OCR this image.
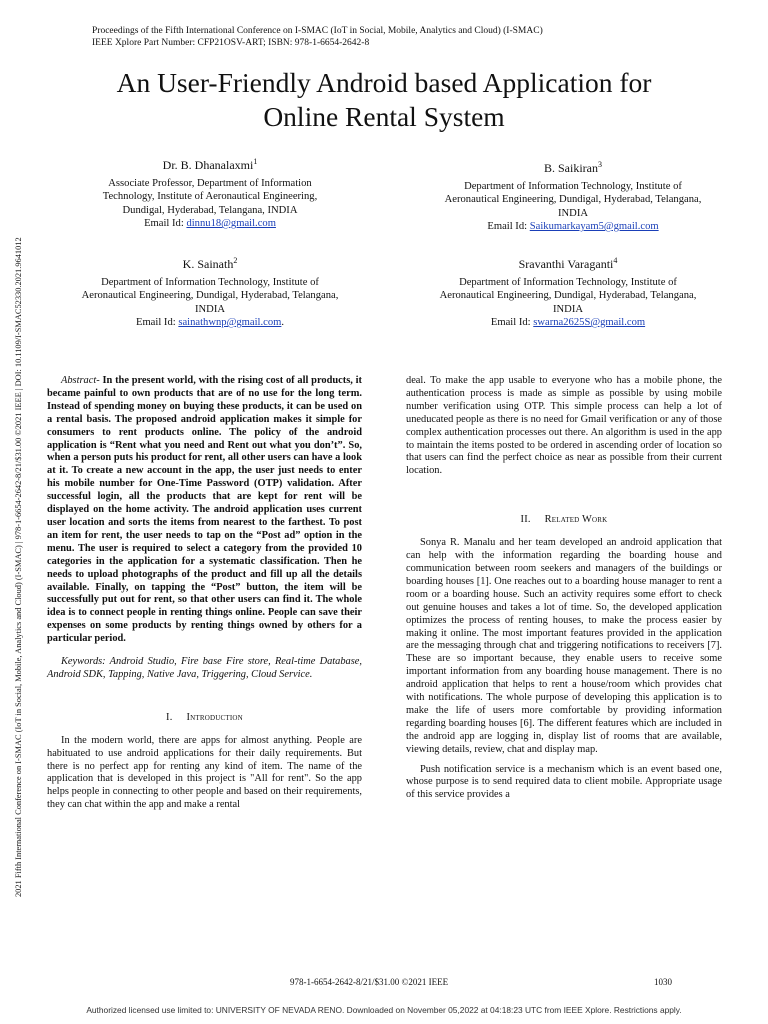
Proceedings of the Fifth International Conference on I-SMAC (IoT in Social, Mobile, Analytics and Cloud) (I-SMAC)
IEEE Xplore Part Number: CFP21OSV-ART; ISBN: 978-1-6654-2642-8
2021 Fifth International Conference on I-SMAC (IoT in Social, Mobile, Analytics and Cloud) (I-SMAC) | 978-1-6654-2642-8/21/$31.00 ©2021 IEEE | DOI: 10.1109/I-SMAC52330.2021.9641012
An User-Friendly Android based Application for
Online Rental System
Dr. B. Dhanalaxmi$^1$
Associate Professor, Department of Information
Technology, Institute of Aeronautical Engineering,
Dundigal, Hyderabad, Telangana, INDIA
Email Id: dinnu18@gmail.com
B. Saikiran$^3$
Department of Information Technology, Institute of
Aeronautical Engineering, Dundigal, Hyderabad, Telangana,
INDIA
Email Id: Saikumarkayam5@gmail.com
K. Sainath$^2$
Department of Information Technology, Institute of
Aeronautical Engineering, Dundigal, Hyderabad, Telangana,
INDIA
Email Id: sainathwnp@gmail.com.
Sravanthi Varaganti$^4$
Department of Information Technology, Institute of
Aeronautical Engineering, Dundigal, Hyderabad, Telangana,
INDIA
Email Id: swarna2625S@gmail.com

Abstract- In the present world, with the rising cost of all products, it became painful to own products that are of no use for the long term. Instead of spending money on buying these products, it can be used on a rental basis. The proposed android application makes it simple for consumers to rent products online. The policy of the android application is “Rent what you need and Rent out what you don’t”. So, when a person puts his product for rent, all other users can have a look at it. To create a new account in the app, the user just needs to enter his mobile number for One-Time Password (OTP) validation. After successful login, all the products that are kept for rent will be displayed on the home activity. The android application uses current user location and sorts the items from nearest to the farthest. To post an item for rent, the user needs to tap on the “Post ad” option in the menu. The user is required to select a category from the provided 10 categories in the application for a systematic classification. Then he needs to upload photographs of the product and fill up all the details available. Finally, on tapping the “Post” button, the item will be successfully put out for rent, so that other users can find it. The whole idea is to connect people in renting things online. People can save their expenses on some products by renting things owned by others for a particular period.

Keywords: Android Studio, Fire base Fire store, Real-time Database, Android SDK, Tapping, Native Java, Triggering, Cloud Service.

I. Introduction

In the modern world, there are apps for almost anything. People are habituated to use android applications for their daily requirements. But there is no perfect app for renting any kind of item. The name of the application that is developed in this project is "All for rent". So the app helps people in connecting to other people and based on their requirements, they can chat within the app and make a rental

deal. To make the app usable to everyone who has a mobile phone, the authentication process is made as simple as possible by using mobile number verification using OTP. This simple process can help a lot of uneducated people as there is no need for Gmail verification or any of those complex authentication processes out there. An algorithm is used in the app to maintain the items posted to be ordered in ascending order of location so that users can find the perfect choice as near as possible from their current location.

II. Related Work

Sonya R. Manalu and her team developed an android application that can help with the information regarding the boarding house and communication between room seekers and managers of the buildings or boarding houses [1]. One reaches out to a boarding house manager to rent a room or a boarding house. Such an activity requires some effort to check out genuine houses and takes a lot of time. So, the developed application optimizes the process of renting houses, to make the process easier by making it online. The most important features provided in the application are the messaging through chat and triggering notifications to receivers [7]. These are so important because, they enable users to receive some important information from any boarding house management. There is no android application that helps to rent a house/room which provides chat with notifications. The whole purpose of developing this application is to make the life of users more comfortable by providing information regarding boarding houses [6]. The different features which are included in the android app are logging in, display list of rooms that are available, viewing details, review, chat and display map.

Push notification service is a mechanism which is an event based one, whose purpose is to send required data to client mobile. Appropriate usage of this service provides a

978-1-6654-2642-8/21/$31.00 ©2021 IEEE	1030
Authorized licensed use limited to: UNIVERSITY OF NEVADA RENO. Downloaded on November 05,2022 at 04:18:23 UTC from IEEE Xplore. Restrictions apply.
